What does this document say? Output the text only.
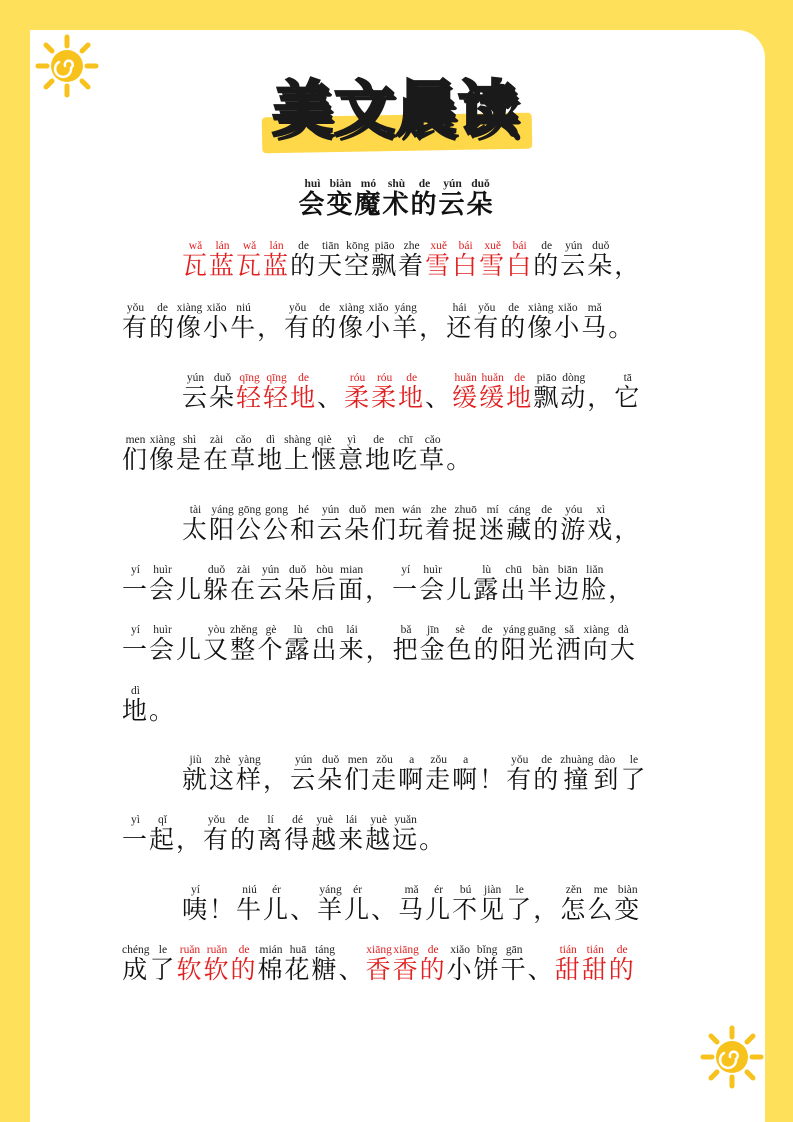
美文晨读
会huì变biàn魔mó术shù的de云yún朵duǒ
瓦wǎ蓝lán瓦wǎ蓝lán的de天tiān空kōng飘piāo着zhe雪xuě白bái雪xuě白bái的de云yún朵duǒ，
有yǒu的de像xiàng小xiǎo牛niú， 有yǒu的de像xiàng小xiǎo羊yáng， 还hái有yǒu的de像xiàng小xiǎo马mǎ。
云yún朵duǒ轻qīng轻qīng地de、 柔róu柔róu地de、 缓huǎn缓huǎn地de飘piāo动dòng， 它tā
们men像xiàng是shì在zài草cǎo地dì上shàng惬qiè意yì地de吃chī草cǎo。
太tài阳yáng公gōng公gong和hé云yún朵duǒ们men玩wán着zhe捉zhuō迷mí藏cáng的de游yóu戏xì，
一yí会huìr儿 躲duǒ在zài云yún朵duǒ后hòu面mian， 一yí会huìr儿 露lù出chū半bàn边biān脸liǎn，
一yí会huìr儿 又yòu整zhěng个gè露lù出chū来lái， 把bǎ金jīn色sè的de阳yáng光guāng洒sǎ向xiàng大dà
地dì。
就jiù这zhè样yàng， 云yún朵duǒ们men走zǒu啊a走zǒu啊a！ 有yǒu的de撞zhuàng到dào了le
一yì起qǐ， 有yǒu的de离lí得dé越yuè来lái越yuè远yuǎn。
咦yí！ 牛niú儿ér、 羊yáng儿ér、 马mǎ儿ér不bú见jiàn了le， 怎zěn么me变biàn
成chéng了le软ruǎn软ruǎn的de棉mián花huā糖táng、 香xiāng香xiāng的de小xiǎo饼bǐng干gān、 甜tián甜tián的de
